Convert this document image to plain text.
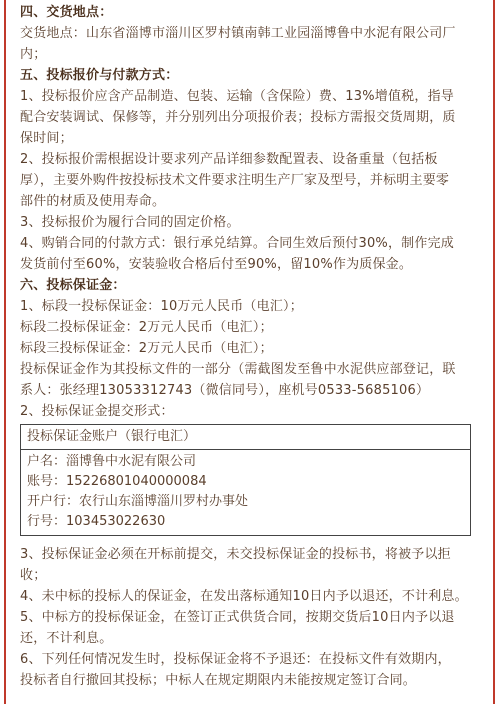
四、交货地点：
交货地点：山东省淄博市淄川区罗村镇南韩工业园淄博鲁中水泥有限公司厂
内；
五、投标报价与付款方式：
1、投标报价应含产品制造、包装、运输（含保险）费、13%增值税，指导
配合安装调试、保修等，并分别列出分项报价表；投标方需报交货周期，质
保时间；
2、投标报价需根据设计要求列产品详细参数配置表、设备重量（包括板
厚），主要外购件按投标技术文件要求注明生产厂家及型号，并标明主要零
部件的材质及使用寿命。
3、投标报价为履行合同的固定价格。
4、购销合同的付款方式：银行承兑结算。合同生效后预付30%，制作完成
发货前付至60%，安装验收合格后付至90%，留10%作为质保金。
六、投标保证金：
1、标段一投标保证金：10万元人民币（电汇）；
标段二投标保证金：2万元人民币（电汇）；
标段三投标保证金：2万元人民币（电汇）；
投标保证金作为其投标文件的一部分（需截图发至鲁中水泥供应部登记，联
系人：张经理13053312743（微信同号），座机号0533-5685106）
2、投标保证金提交形式：
投标保证金账户（银行电汇）
户名：淄博鲁中水泥有限公司
账号：15226801040000084
开户行：农行山东淄博淄川罗村办事处
行号：103453022630
3、投标保证金必须在开标前提交，未交投标保证金的投标书，将被予以拒
收；
4、未中标的投标人的保证金，在发出落标通知10日内予以退还，不计利息。
5、中标方的投标保证金，在签订正式供货合同，按期交货后10日内予以退
还，不计利息。
6、下列任何情况发生时，投标保证金将不予退还：在投标文件有效期内，
投标者自行撤回其投标；中标人在规定期限内未能按规定签订合同。
